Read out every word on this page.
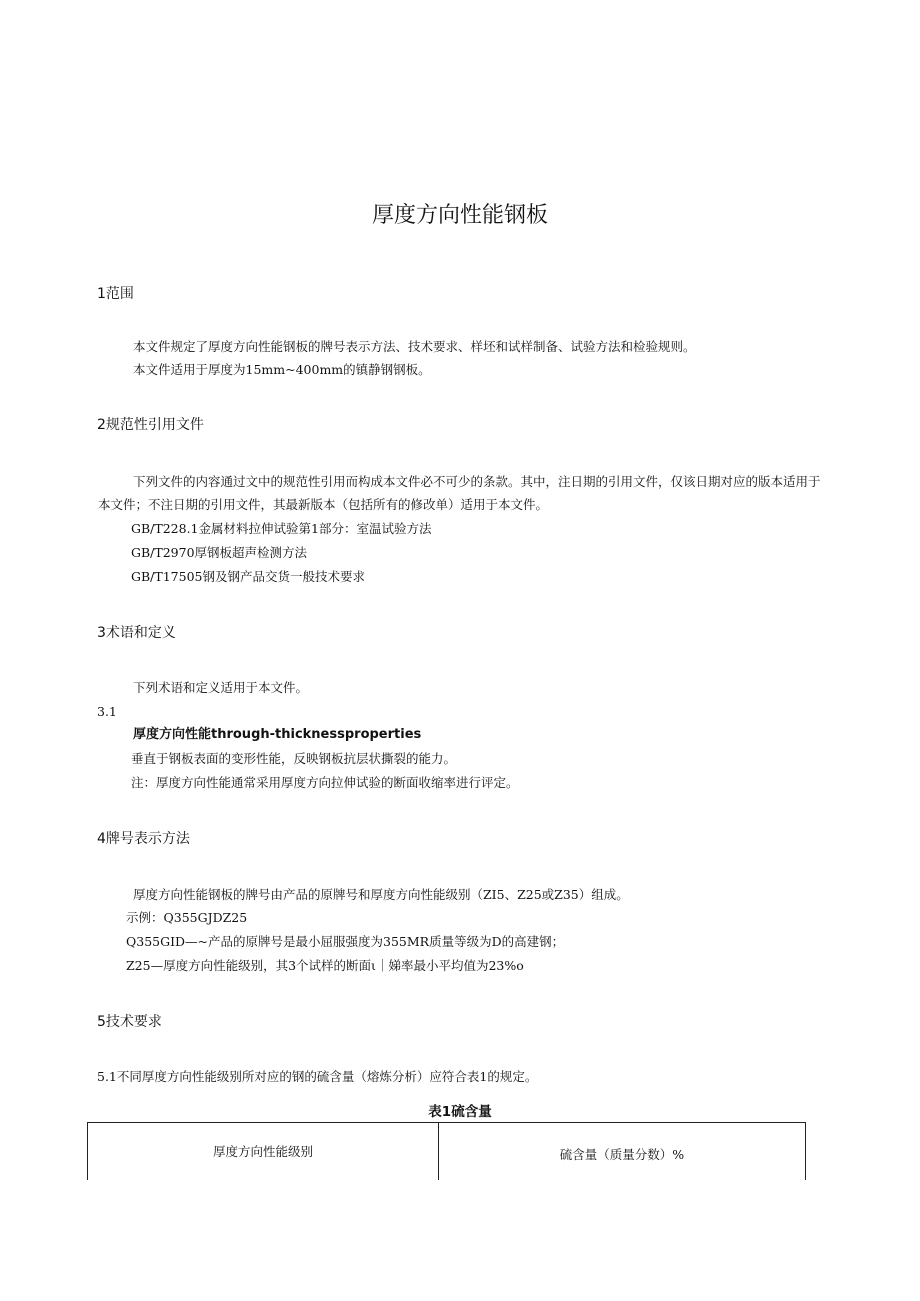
厚度方向性能钢板
1范围
本文件规定了厚度方向性能钢板的牌号表示方法、技术要求、样坯和试样制备、试验方法和检验规则。
本文件适用于厚度为15mm~400mm的镇静钢钢板。
2规范性引用文件
下列文件的内容通过文中的规范性引用而构成本文件必不可少的条款。其中，注日期的引用文件，仅该日期对应的版本适用于本文件；不注日期的引用文件，其最新版本（包括所有的修改单）适用于本文件。
GB/T228.1金属材料拉伸试验第1部分：室温试验方法
GB/T2970厚钢板超声检测方法
GB/T17505钢及钢产品交货一般技术要求
3术语和定义
下列术语和定义适用于本文件。
3.1
厚度方向性能through-thicknessproperties
垂直于钢板表面的变形性能，反映钢板抗层状撕裂的能力。
注：厚度方向性能通常采用厚度方向拉伸试验的断面收缩率进行评定。
4牌号表示方法
厚度方向性能钢板的牌号由产品的原牌号和厚度方向性能级别（ZI5、Z25或Z35）组成。
示例：Q355GJDZ25
Q355GID—~产品的原牌号是最小屈服强度为355MR质量等级为D的高建钢；
Z25—厚度方向性能级别，其3个试样的断面ι｜娣率最小平均值为23%o
5技术要求
5.1不同厚度方向性能级别所对应的钢的硫含量（熔炼分析）应符合表1的规定。
表1硫含量
厚度方向性能级别	硫含量（质量分数）%
